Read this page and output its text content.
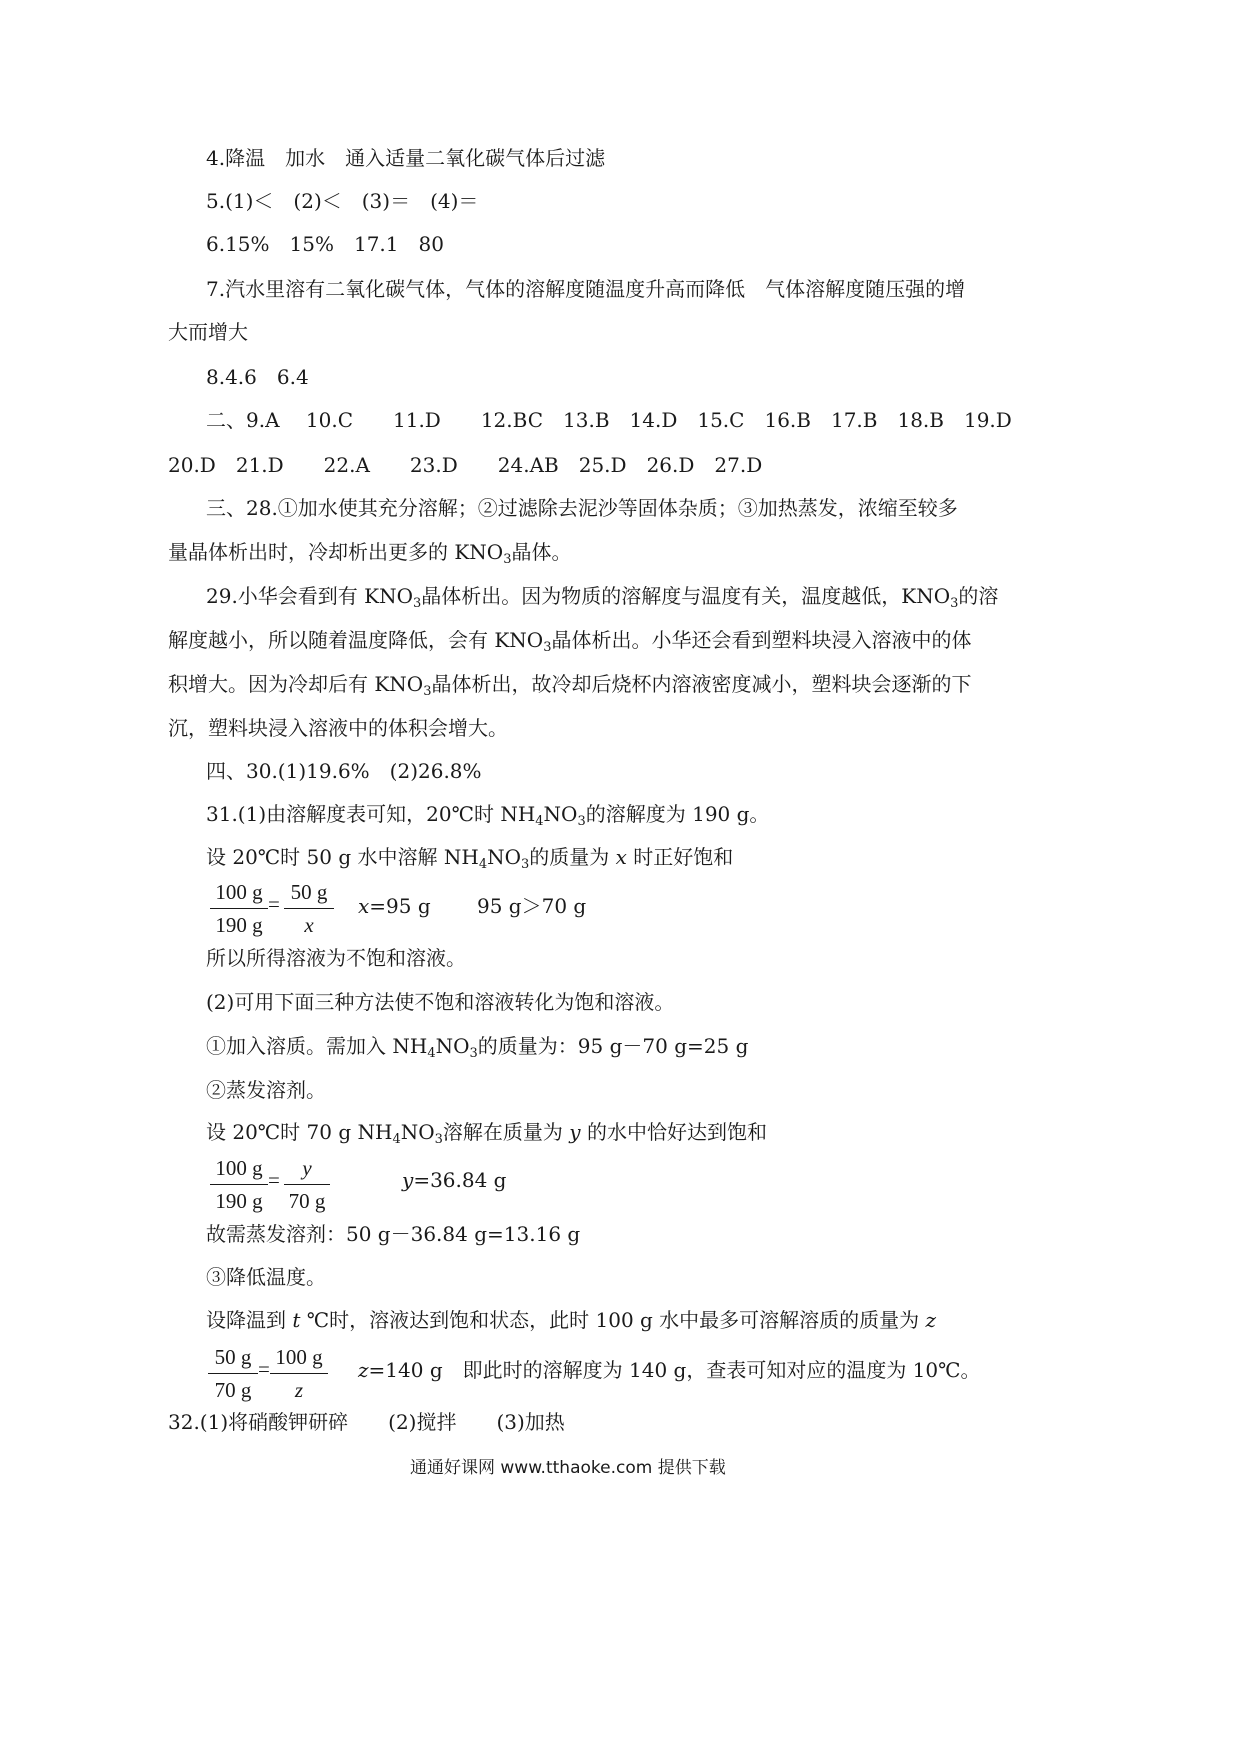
4.降温　加水　通入适量二氧化碳气体后过滤
5.(1)＜　(2)＜　(3)＝　(4)＝
6.15%　15%　17.1　80
7.汽水里溶有二氧化碳气体，气体的溶解度随温度升高而降低　气体溶解度随压强的增
大而增大
8.4.6　6.4
二、9.A　 10.C　　11.D　　12.BC　13.B　14.D　15.C　16.B　17.B　18.B　19.D
20.D　21.D　　22.A　　23.D　　24.AB　25.D　26.D　27.D
三、28.①加水使其充分溶解；②过滤除去泥沙等固体杂质；③加热蒸发，浓缩至较多
量晶体析出时，冷却析出更多的 $KNO_3$晶体。
29.小华会看到有 $KNO_3$晶体析出。因为物质的溶解度与温度有关，温度越低，$KNO_3$的溶
解度越小，所以随着温度降低，会有 $KNO_3$晶体析出。小华还会看到塑料块浸入溶液中的体
积增大。因为冷却后有 $KNO_3$晶体析出，故冷却后烧杯内溶液密度减小，塑料块会逐渐的下
沉，塑料块浸入溶液中的体积会增大。
四、30.(1)19.6%　(2)26.8%
31.(1)由溶解度表可知，20℃时 $NH_4NO_3$的溶解度为 190 g。
设 20℃时 50 g 水中溶解 $NH_4NO_3$的质量为 x 时正好饱和
100 g
190 g
= 50 g
x
x=95 g　　 95 g＞70 g
所以所得溶液为不饱和溶液。
(2)可用下面三种方法使不饱和溶液转化为饱和溶液。
①加入溶质。需加入 $NH_4NO_3$的质量为：95 g－70 g=25 g
②蒸发溶剂。
设 20℃时 70 g $NH_4NO_3$溶解在质量为 y 的水中恰好达到饱和
100 g
190 g
=	y
70 g
y=36.84 g
故需蒸发溶剂：50 g－36.84 g=13.16 g
③降低温度。
设降温到 t ℃时，溶液达到饱和状态，此时 100 g 水中最多可溶解溶质的质量为 z
50 g
70 g
= 100 g
z
z=140 g　即此时的溶解度为 140 g，查表可知对应的温度为 10℃。
32.(1)将硝酸钾研碎　　(2)搅拌　　(3)加热
通通好课网 www.tthaoke.com 提供下载
